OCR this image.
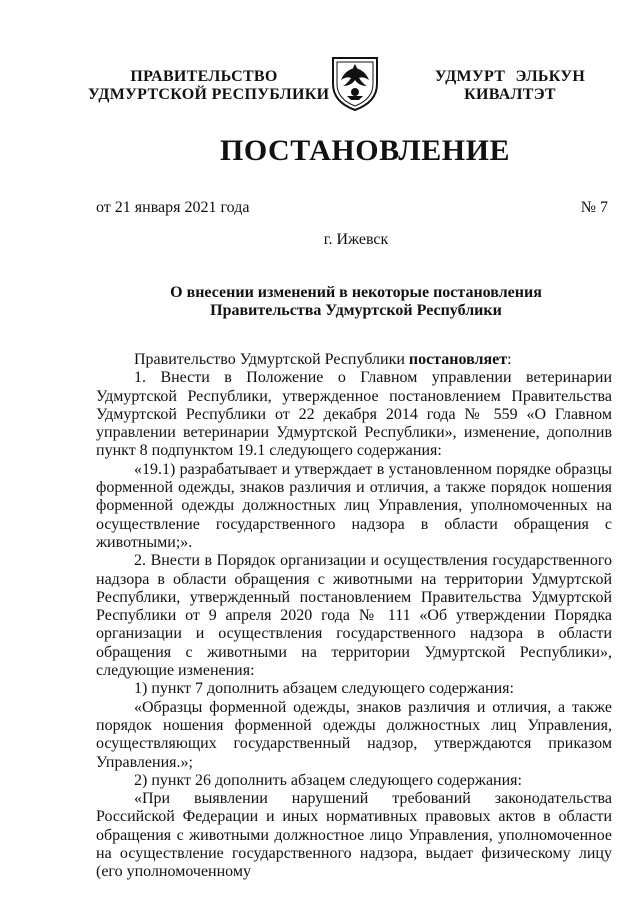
ПРАВИТЕЛЬСТВО
УДМУРТСКОЙ РЕСПУБЛИКИ
УДМУРТ ЭЛЬКУН
КИВАЛТЭТ
ПОСТАНОВЛЕНИЕ
от 21 января 2021 года	№ 7
г. Ижевск
О внесении изменений в некоторые постановления
Правительства Удмуртской Республики

Правительство Удмуртской Республики постановляет:

1. Внести в Положение о Главном управлении ветеринарии Удмуртской Республики, утвержденное постановлением Правительства Удмуртской Республики от 22 декабря 2014 года № 559 «О Главном управлении ветеринарии Удмуртской Республики», изменение, дополнив пункт 8 подпунктом 19.1 следующего содержания:

«19.1) разрабатывает и утверждает в установленном порядке образцы форменной одежды, знаков различия и отличия, а также порядок ношения форменной одежды должностных лиц Управления, уполномоченных на осуществление государственного надзора в области обращения с животными;».

2. Внести в Порядок организации и осуществления государственного надзора в области обращения с животными на территории Удмуртской Республики, утвержденный постановлением Правительства Удмуртской Республики от 9 апреля 2020 года № 111 «Об утверждении Порядка организации и осуществления государственного надзора в области обращения с животными на территории Удмуртской Республики», следующие изменения:

1) пункт 7 дополнить абзацем следующего содержания:

«Образцы форменной одежды, знаков различия и отличия, а также порядок ношения форменной одежды должностных лиц Управления, осуществляющих государственный надзор, утверждаются приказом Управления.»;

2) пункт 26 дополнить абзацем следующего содержания:

«При выявлении нарушений требований законодательства Российской Федерации и иных нормативных правовых актов в области обращения с животными должностное лицо Управления, уполномоченное на осуществление государственного надзора, выдает физическому лицу (его уполномоченному
